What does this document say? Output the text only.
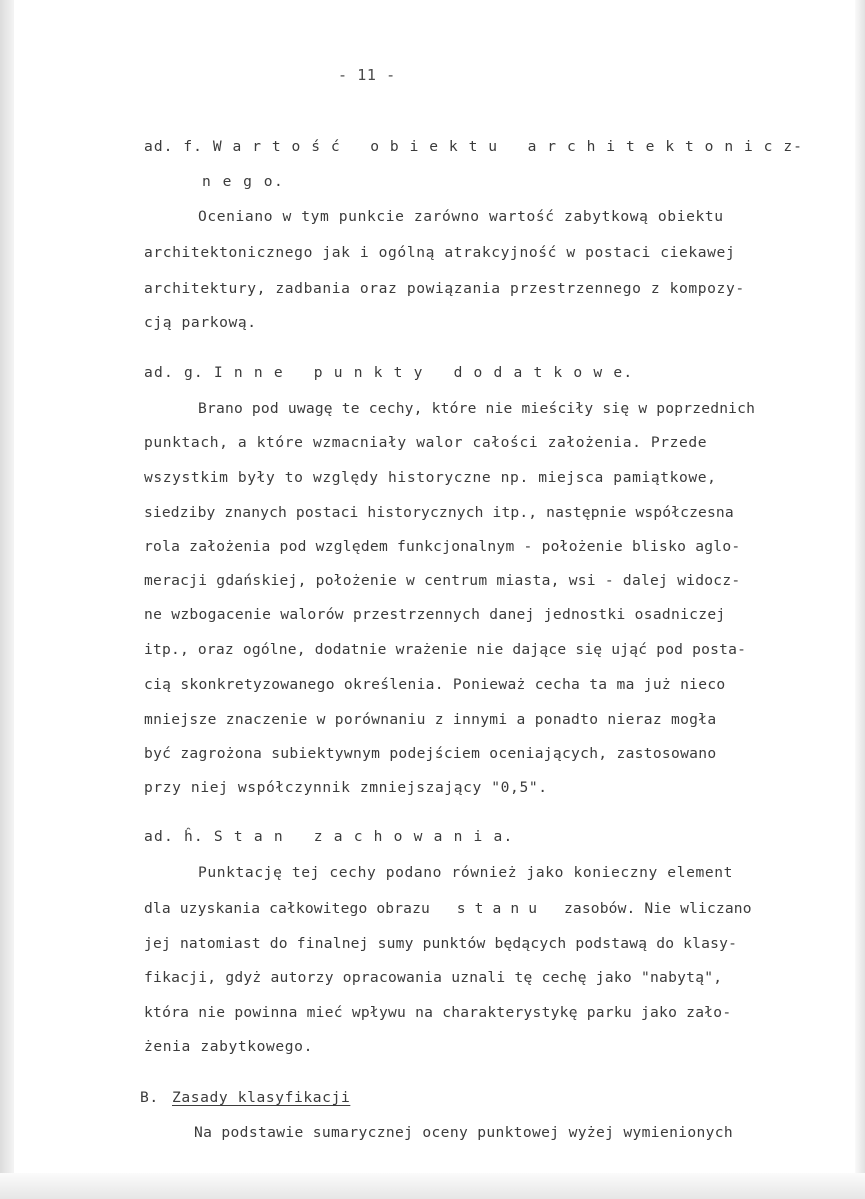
- 11 -
ad. f. W a r t o ś ć   o b i e k t u   a r c h i t e k t o n i c z-
n e g o.
Oceniano w tym punkcie zarówno wartość zabytkową obiektu
architektonicznego jak i ogólną atrakcyjność w postaci ciekawej
architektury, zadbania oraz powiązania przestrzennego z kompozy-
cją parkową.
ad. g. I n n e   p u n k t y   d o d a t k o w e.
Brano pod uwagę te cechy, które nie mieściły się w poprzednich
punktach, a które wzmacniały walor całości założenia. Przede
wszystkim były to względy historyczne np. miejsca pamiątkowe,
siedziby znanych postaci historycznych itp., następnie współczesna
rola założenia pod względem funkcjonalnym - położenie blisko aglo-
meracji gdańskiej, położenie w centrum miasta, wsi - dalej widocz-
ne wzbogacenie walorów przestrzennych danej jednostki osadniczej
itp., oraz ogólne, dodatnie wrażenie nie dające się ująć pod posta-
cią skonkretyzowanego określenia. Ponieważ cecha ta ma już nieco
mniejsze znaczenie w porównaniu z innymi a ponadto nieraz mogła
być zagrożona subiektywnym podejściem oceniających, zastosowano
przy niej współczynnik zmniejszający "0,5".
ad. ĥ. S t a n   z a c h o w a n i a.
Punktację tej cechy podano również jako konieczny element
dla uzyskania całkowitego obrazu   s t a n u   zasobów. Nie wliczano
jej natomiast do finalnej sumy punktów będących podstawą do klasy-
fikacji, gdyż autorzy opracowania uznali tę cechę jako "nabytą",
która nie powinna mieć wpływu na charakterystykę parku jako zało-
żenia zabytkowego.
B. Zasady klasyfikacji
Na podstawie sumarycznej oceny punktowej wyżej wymienionych
